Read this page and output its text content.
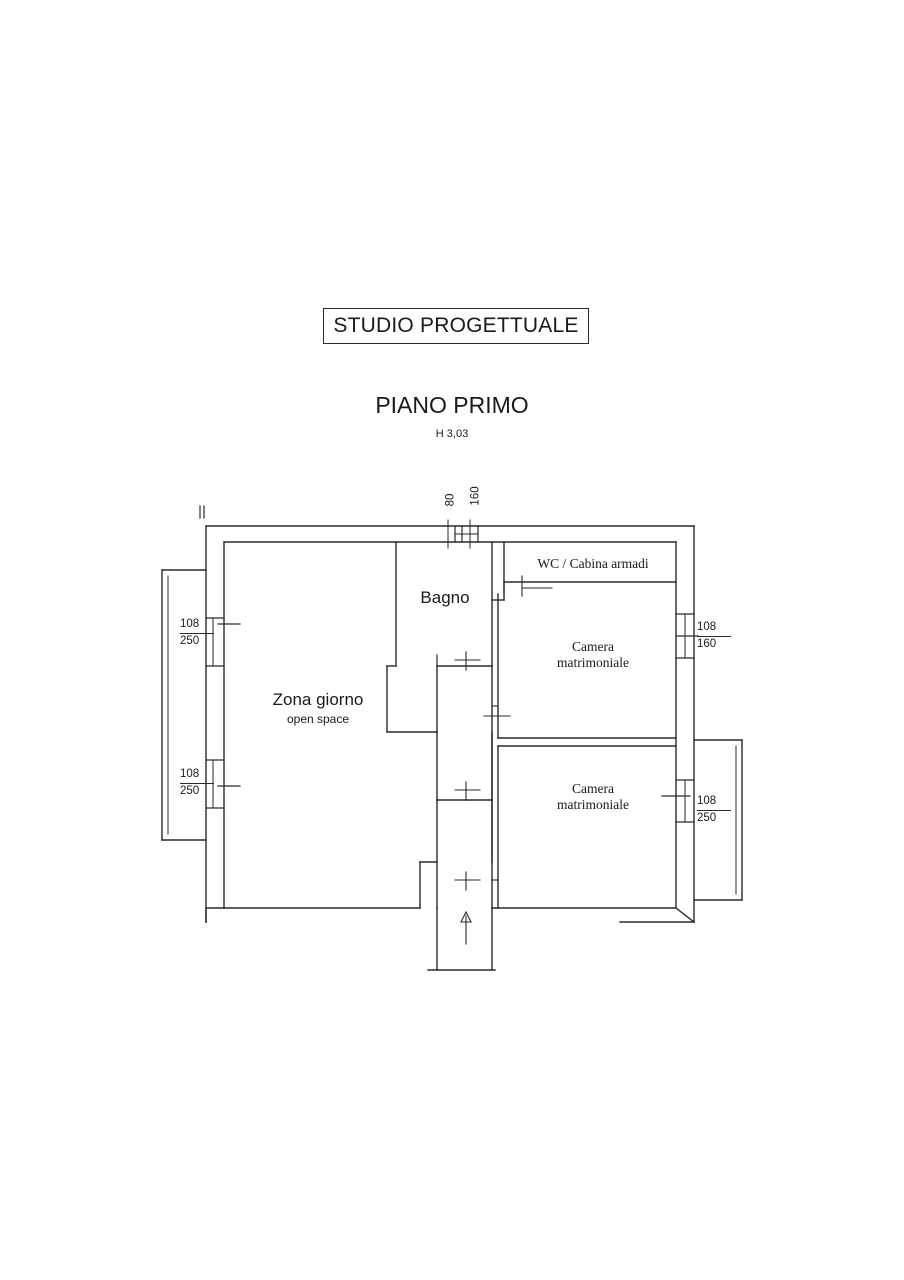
STUDIO PROGETTUALE
PIANO PRIMO
H 3,03
Zona giorno
open space
Bagno
WC / Cabina armadi
Camera
matrimoniale
Camera
matrimoniale
80	160
108
250
108
250
108
160
108
250
